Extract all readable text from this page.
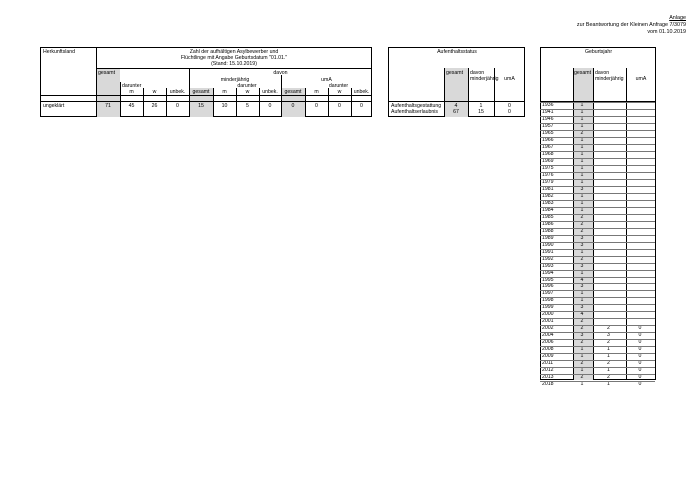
Anlage
zur Beantwortung der Kleinen Anfrage 7/3079
vom 01.10.2019
Herkunftsland	Zahl der aufhältigen Asylbewerber und
Flüchtlinge mit Angabe Geburtsdatum "01.01."
(Stand: 15.10.2019)
gesamt	davon
darunter
minderjährig	umA
darunter	darunter
m	w	unbek.	gesamt	m	w	unbek.	gesamt	m	w	unbek.
ungeklärt	71	45	26	0	15	10	5	0	0	0	0	0
Aufenthaltsstatus
gesamt davon
minderjährig	umA
Aufenthaltsgestattung	4	1	0
Aufenthaltserlaubnis	67	15	0
Geburtsjahr
gesamt davon
minderjährig	umA
1936	1
1941	1
1946	1
1957	1
1965	2
1966	1
1967	1
1968	1
1969	1
1975	1
1976	1
1979	1
1981	3
1982	1
1983	1
1984	1
1985	2
1986	2
1988	2
1989	3
1990	3
1991	1
1992	2
1993	3
1994	1
1995	4
1996	3
1997	1
1998	1
1999	3
2000	4
2001	2
2002	2	2	0
2004	3	3	0
2006	2	2	0
2008	1	1	0
2009	1	1	0
2011	2	2	0
2012	1	1	0
2013	2	2	0
2018	1	1	0
